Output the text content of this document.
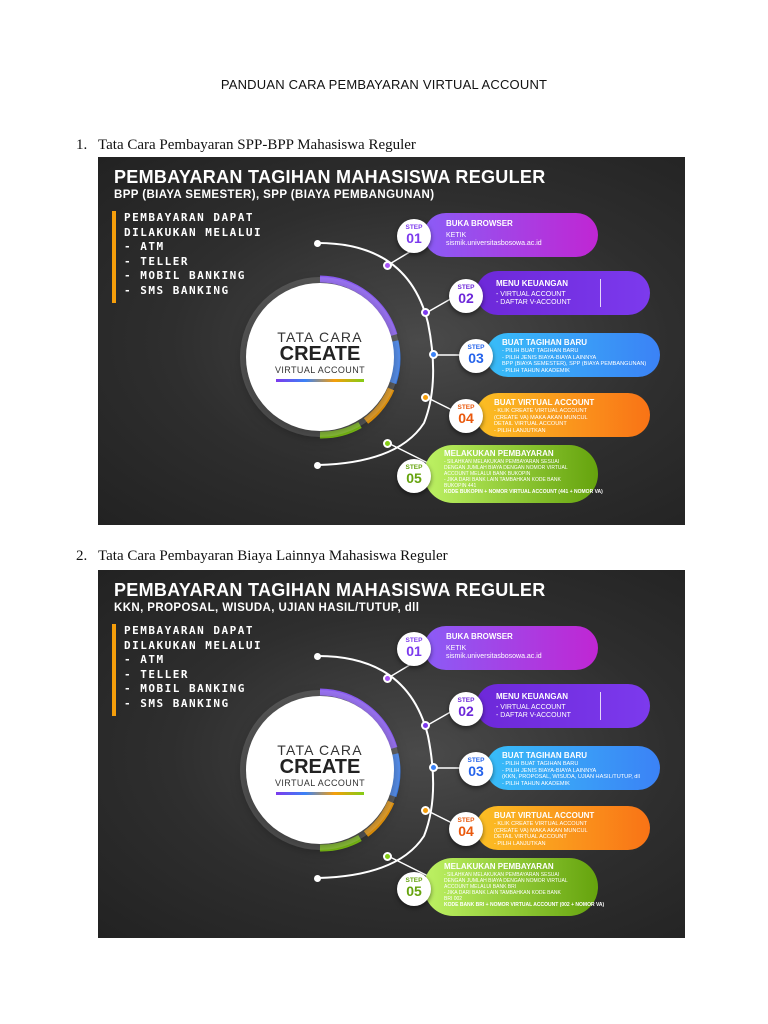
PANDUAN CARA PEMBAYARAN VIRTUAL ACCOUNT
1. Tata Cara Pembayaran SPP-BPP Mahasiswa Reguler
PEMBAYARAN TAGIHAN MAHASISWA REGULER
BPP (BIAYA SEMESTER), SPP (BIAYA PEMBANGUNAN)
PEMBAYARAN DAPAT
DILAKUKAN MELALUI
- ATM
- TELLER
- MOBIL BANKING
- SMS BANKING
TATA CARA
CREATE
VIRTUAL ACCOUNT
STEP
01
BUKA BROWSER
KETIK
sismik.universitasbosowa.ac.id
STEP
02
MENU KEUANGAN
- VIRTUAL ACCOUNT
- DAFTAR V-ACCOUNT
STEP
03
BUAT TAGIHAN BARU
- PILIH BUAT TAGIHAN BARU
- PILIH JENIS BIAYA-BIAYA LAINNYA
BPP (BIAYA SEMESTER), SPP (BIAYA PEMBANGUNAN)
- PILIH TAHUN AKADEMIK
STEP
04
BUAT VIRTUAL ACCOUNT
- KLIK CREATE VIRTUAL ACCOUNT
(CREATE VA) MAKA AKAN MUNCUL
DETAIL VIRTUAL ACCOUNT
- PILIH LANJUTKAN
STEP
05
MELAKUKAN PEMBAYARAN
- SILAHKAN MELAKUKAN PEMBAYARAN SESUAI
DENGAN JUMLAH BIAYA DENGAN NOMOR VIRTUAL
ACCOUNT MELALUI BANK BUKOPIN
- JIKA DARI BANK LAIN TAMBAHKAN KODE BANK
BUKOPIN 441
KODE BUKOPIN + NOMOR VIRTUAL ACCOUNT (441 + NOMOR VA)
2. Tata Cara Pembayaran Biaya Lainnya Mahasiswa Reguler
PEMBAYARAN TAGIHAN MAHASISWA REGULER
KKN, PROPOSAL, WISUDA, UJIAN HASIL/TUTUP, dll
PEMBAYARAN DAPAT
DILAKUKAN MELALUI
- ATM
- TELLER
- MOBIL BANKING
- SMS BANKING
TATA CARA
CREATE
VIRTUAL ACCOUNT
STEP
01
BUKA BROWSER
KETIK
sismik.universitasbosowa.ac.id
STEP
02
MENU KEUANGAN
- VIRTUAL ACCOUNT
- DAFTAR V-ACCOUNT
STEP
03
BUAT TAGIHAN BARU
- PILIH BUAT TAGIHAN BARU
- PILIH JENIS BIAYA-BIAYA LAINNYA
(KKN, PROPOSAL, WISUDA, UJIAN HASIL/TUTUP, dll
- PILIH TAHUN AKADEMIK
STEP
04
BUAT VIRTUAL ACCOUNT
- KLIK CREATE VIRTUAL ACCOUNT
(CREATE VA) MAKA AKAN MUNCUL
DETAIL VIRTUAL ACCOUNT
- PILIH LANJUTKAN
STEP
05
MELAKUKAN PEMBAYARAN
- SILAHKAN MELAKUKAN PEMBAYARAN SESUAI
DENGAN JUMLAH BIAYA DENGAN NOMOR VIRTUAL
ACCOUNT MELALUI BANK BRI
- JIKA DARI BANK LAIN TAMBAHKAN KODE BANK
BRI 002
KODE BANK BRI + NOMOR VIRTUAL ACCOUNT (002 + NOMOR VA)
